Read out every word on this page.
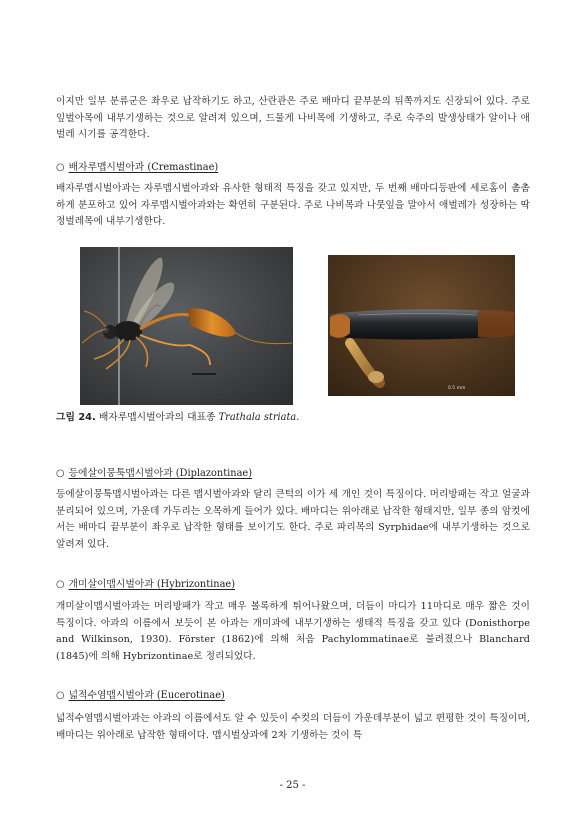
이지만 일부 분류군은 좌우로 납작하기도 하고, 산란관은 주로 배마디 끝부분의 뒤쪽까지도 신장되어 있다. 주로 잎벌아목에 내부기생하는 것으로 알려져 있으며, 드물게 나비목에 기생하고, 주로 숙주의 발생상태가 알이나 애벌레 시기를 공격한다.

○ 배자루맵시벌아과 (Cremastinae)

배자루맵시벌아과는 자루맵시벌아과와 유사한 형태적 특징을 갖고 있지만, 두 번째 배마디등판에 세로홈이 촘촘하게 분포하고 있어 자루맵시벌아과와는 확연히 구분된다. 주로 나비목과 나뭇잎을 말아서 애벌레가 성장하는 딱정벌레목에 내부기생한다.

0.5 mm

그림 24. 배자루맵시벌아과의 대표종 Trathala striata.

○ 등에살이뭉툭맵시벌아과 (Diplazontinae)

등에살이뭉툭맵시벌아과는 다른 맵시벌아과와 달리 큰턱의 이가 세 개인 것이 특징이다. 머리방패는 작고 얼굴과 분리되어 있으며, 가운데 가두리는 오목하게 들어가 있다. 배마디는 위아래로 납작한 형태지만, 일부 종의 암컷에서는 배마디 끝부분이 좌우로 납작한 형태를 보이기도 한다. 주로 파리목의 Syrphidae에 내부기생하는 것으로 알려져 있다.

○ 개미살이맵시벌아과 (Hybrizontinae)

개미살이맵시벌아과는 머리방패가 작고 매우 볼록하게 튀어나왔으며, 더듬이 마디가 11마디로 매우 짧은 것이 특징이다. 아과의 이름에서 보듯이 본 아과는 개미과에 내부기생하는 생태적 특징을 갖고 있다 (Donisthorpe and Wilkinson, 1930). Förster (1862)에 의해 처음 Pachylommatinae로 불려졌으나 Blanchard (1845)에 의해 Hybrizontinae로 정리되었다.

○ 넓적수염맵시벌아과 (Eucerotinae)

넓적수염맵시벌아과는 아과의 이름에서도 알 수 있듯이 수컷의 더듬이 가운데부분이 넓고 편평한 것이 특징이며, 배마디는 위아래로 납작한 형태이다. 맵시벌상과에 2차 기생하는 것이 특

- 25 -
